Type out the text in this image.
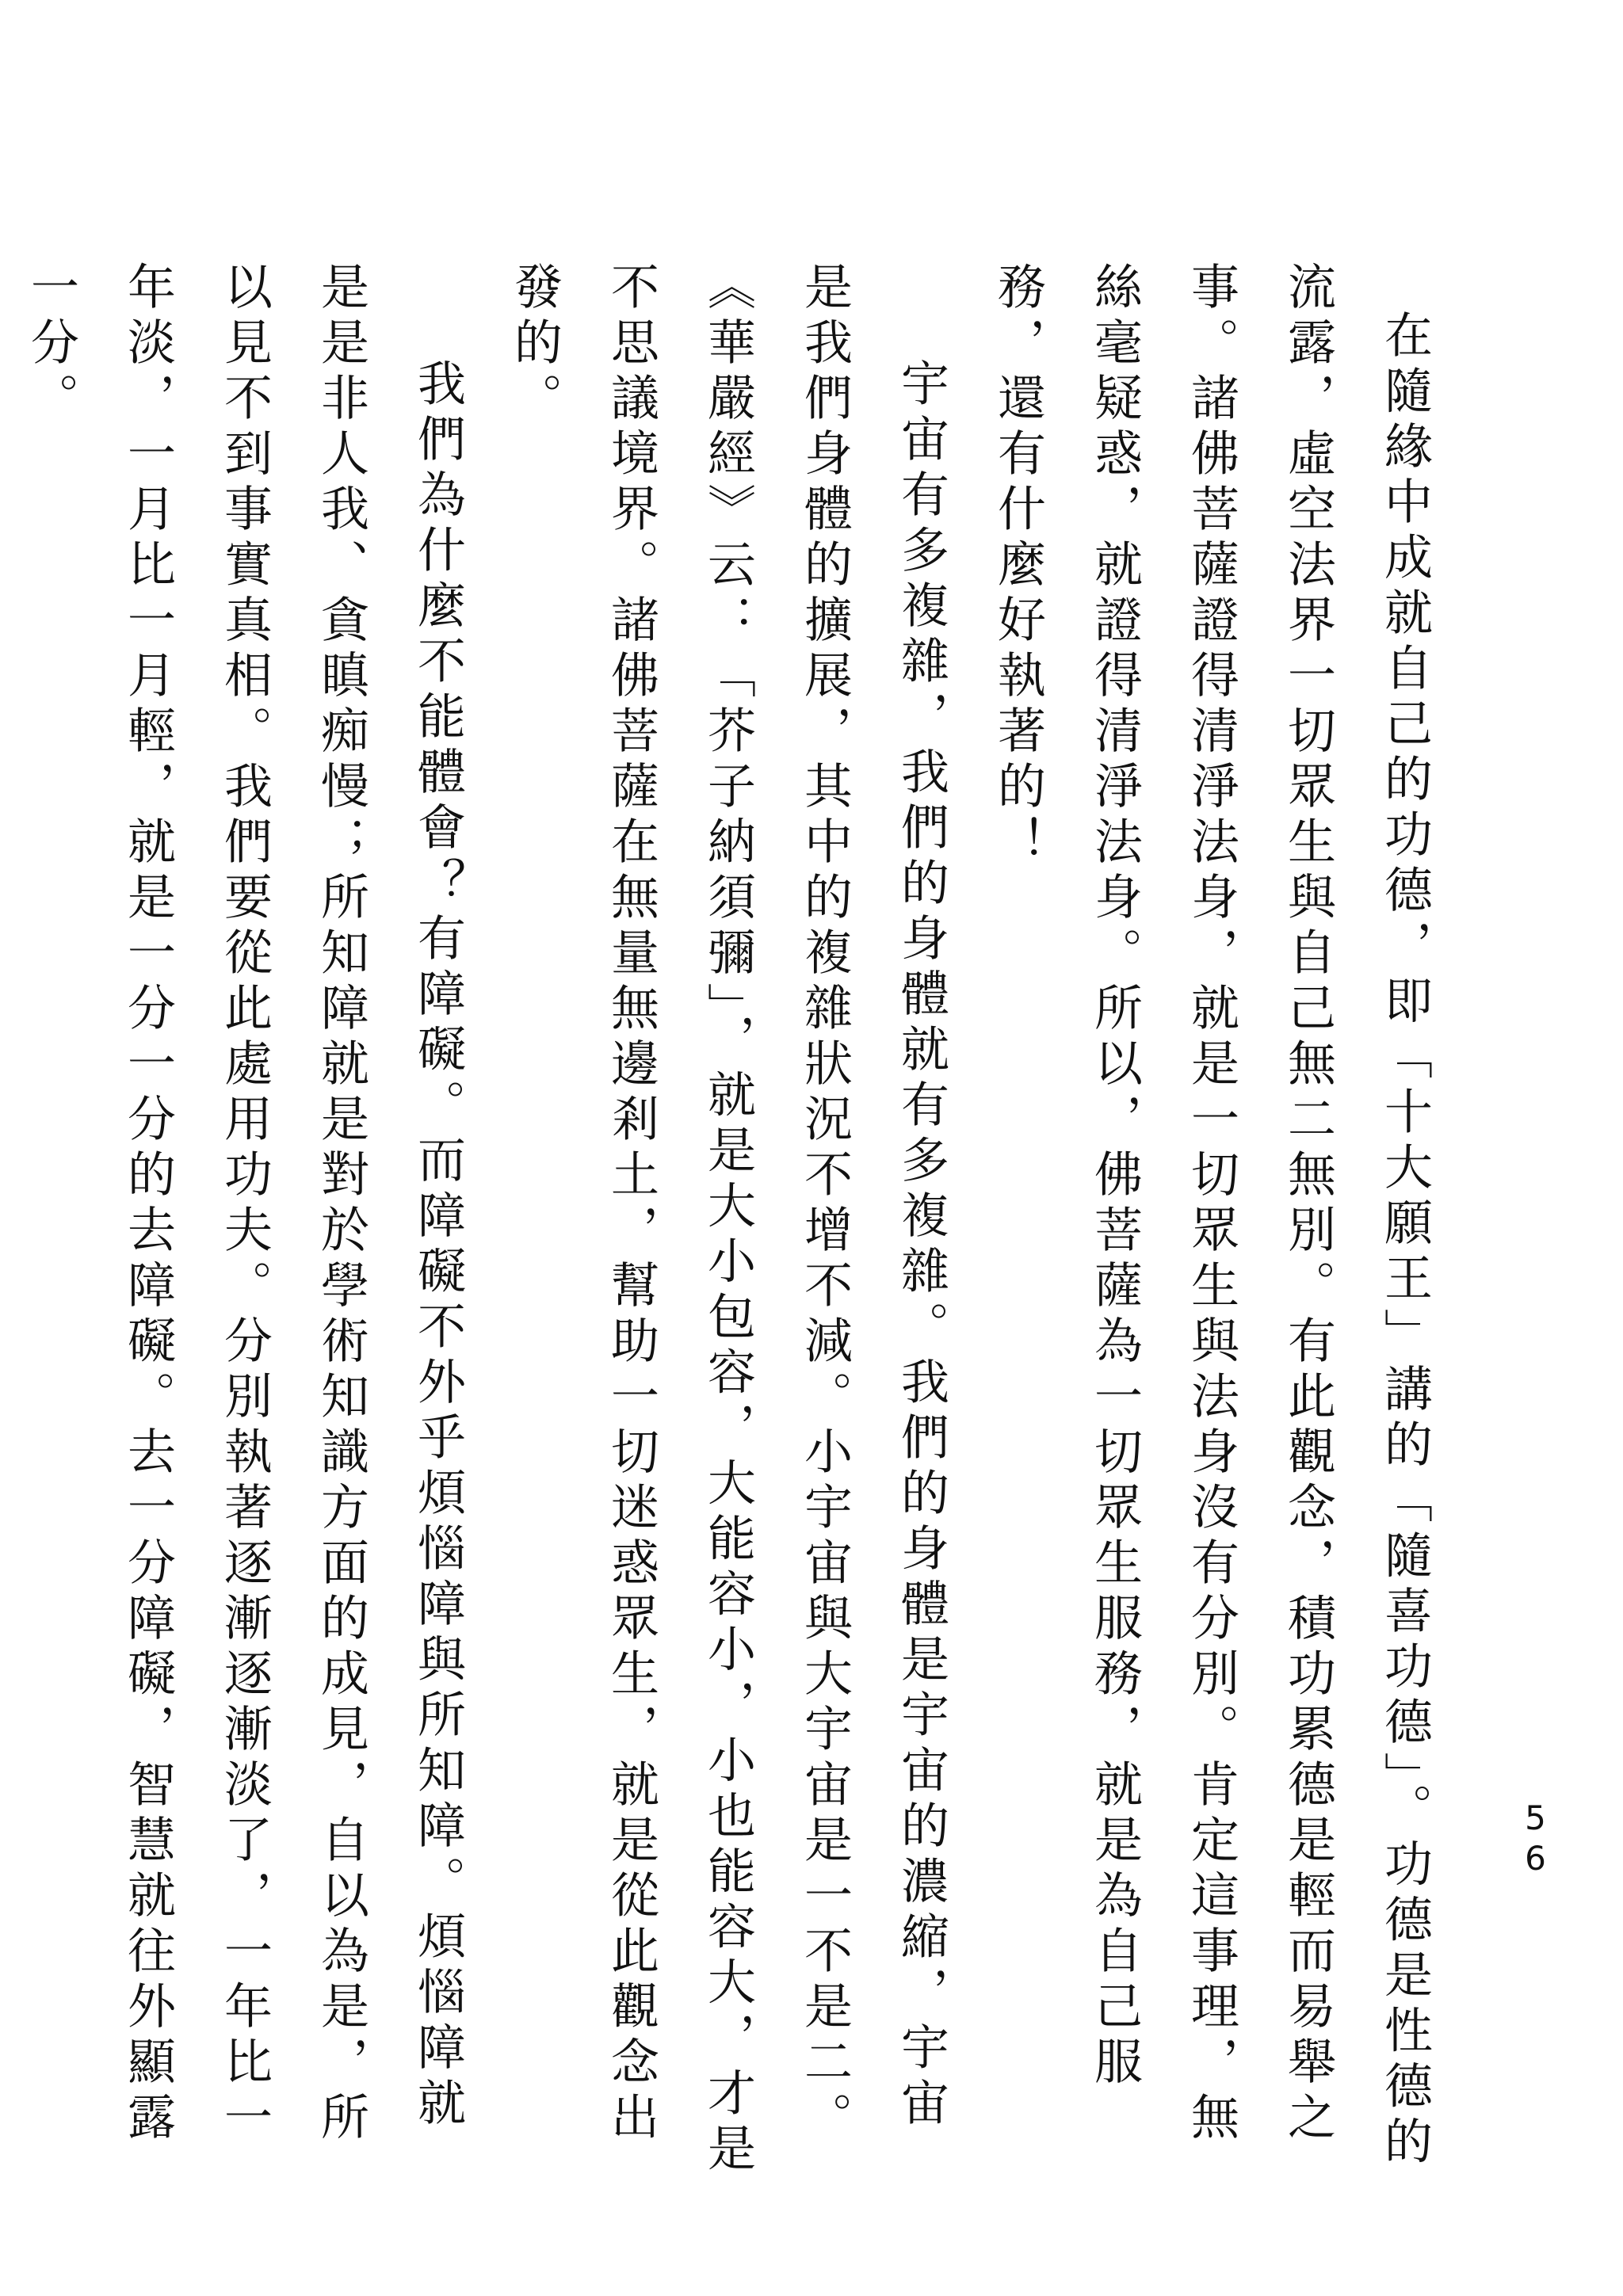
56

在隨緣中成就自己的功德，即「十大願王」講的「隨喜功德」。功德是性德的流露，虛空法界一切眾生與自己無二無別。有此觀念，積功累德是輕而易舉之事。諸佛菩薩證得清淨法身，就是一切眾生與法身沒有分別。肯定這事理，無絲毫疑惑，就證得清淨法身。所以，佛菩薩為一切眾生服務，就是為自己服務，還有什麼好執著的！

宇宙有多複雜，我們的身體就有多複雜。我們的身體是宇宙的濃縮，宇宙是我們身體的擴展，其中的複雜狀況不增不減。小宇宙與大宇宙是一不是二。《華嚴經》云：「芥子納須彌」，就是大小包容，大能容小，小也能容大，才是不思議境界。諸佛菩薩在無量無邊剎土，幫助一切迷惑眾生，就是從此觀念出發的。

我們為什麼不能體會？有障礙。而障礙不外乎煩惱障與所知障。煩惱障就是是非人我、貪瞋痴慢；所知障就是對於學術知識方面的成見，自以為是，所以見不到事實真相。我們要從此處用功夫。分別執著逐漸逐漸淡了，一年比一年淡，一月比一月輕，就是一分一分的去障礙。去一分障礙，智慧就往外顯露一分。
